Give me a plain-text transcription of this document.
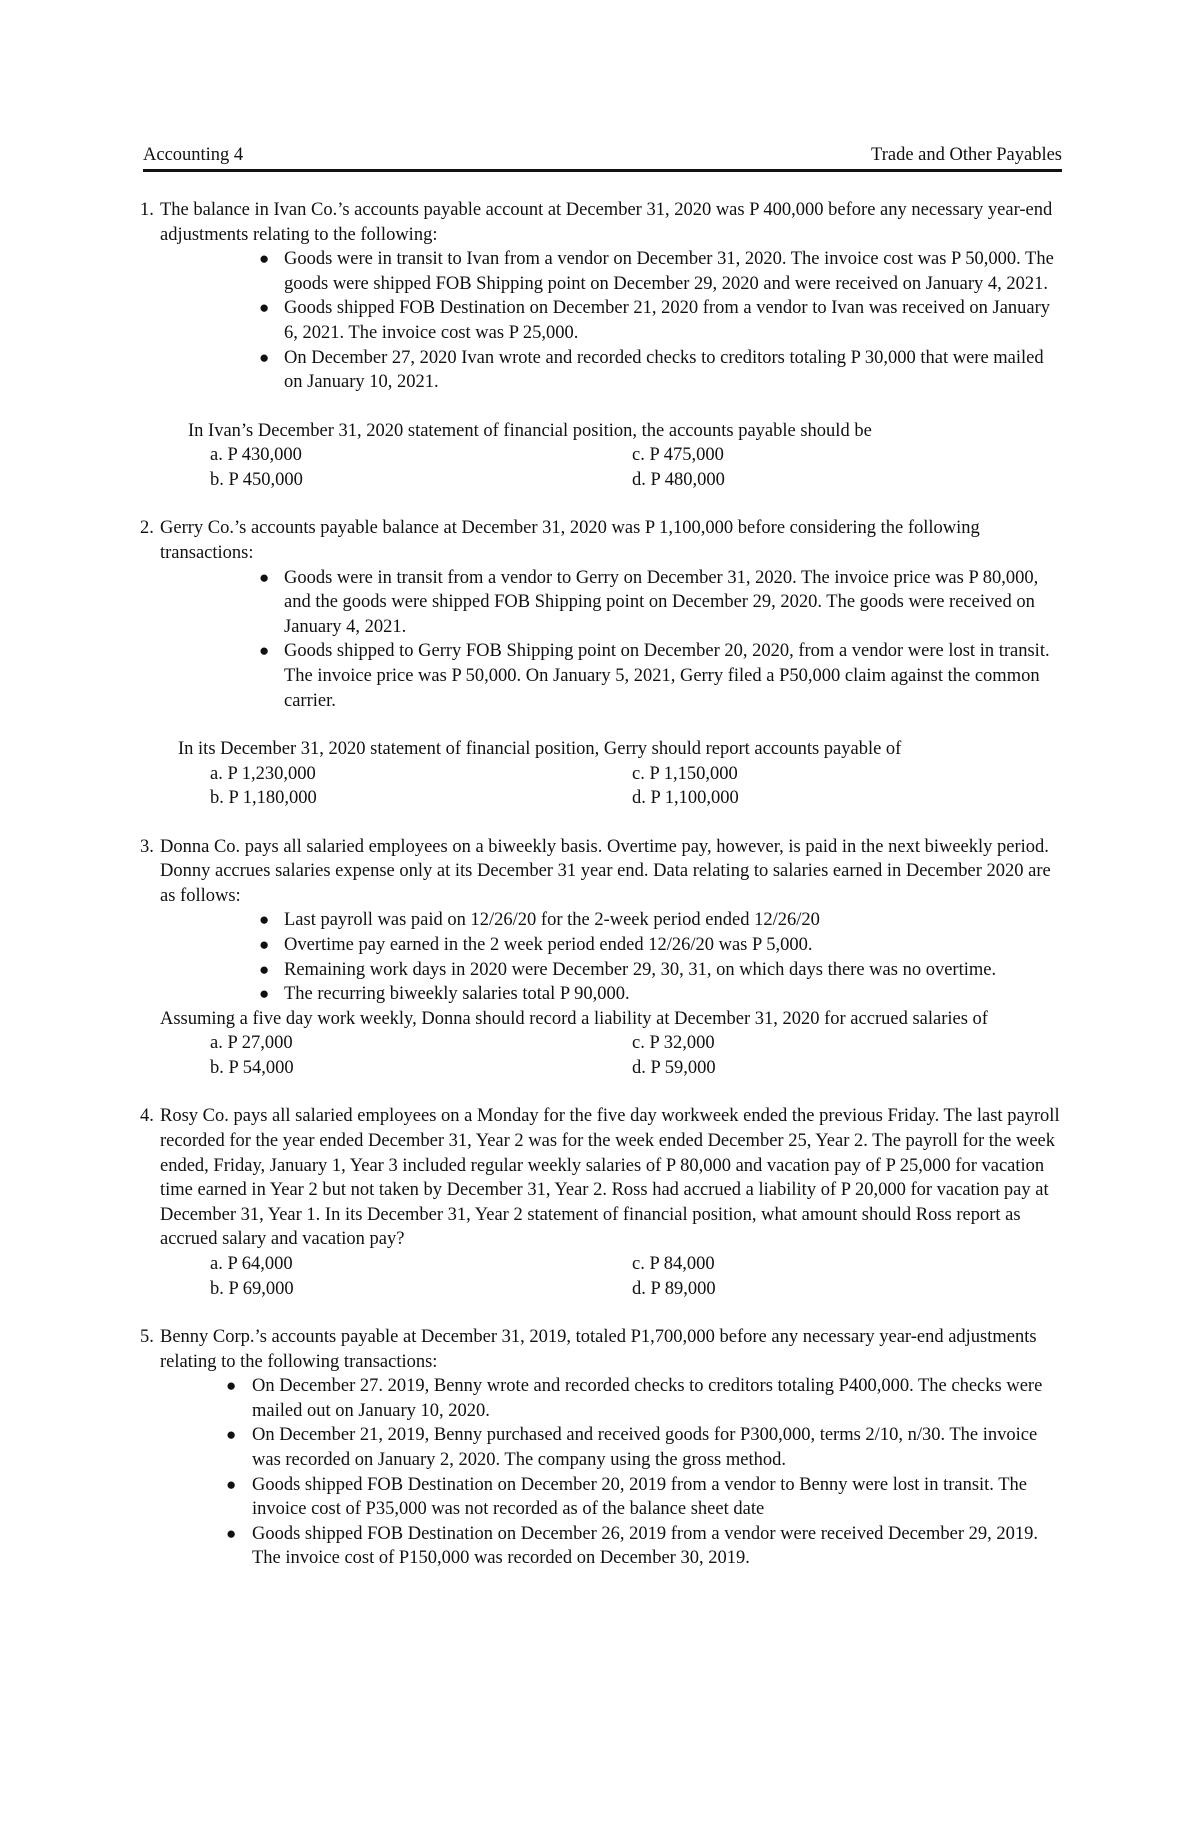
Accounting 4	Trade and Other Payables
1. The balance in Ivan Co.’s accounts payable account at December 31, 2020 was P 400,000 before any necessary year-end adjustments relating to the following:
● Goods were in transit to Ivan from a vendor on December 31, 2020. The invoice cost was P 50,000. The goods were shipped FOB Shipping point on December 29, 2020 and were received on January 4, 2021.
● Goods shipped FOB Destination on December 21, 2020 from a vendor to Ivan was received on January 6, 2021. The invoice cost was P 25,000.
● On December 27, 2020 Ivan wrote and recorded checks to creditors totaling P 30,000 that were mailed on January 10, 2021.
In Ivan’s December 31, 2020 statement of financial position, the accounts payable should be
a. P 430,000	c. P 475,000
b. P 450,000	d. P 480,000
2. Gerry Co.’s accounts payable balance at December 31, 2020 was P 1,100,000 before considering the following transactions:
● Goods were in transit from a vendor to Gerry on December 31, 2020. The invoice price was P 80,000, and the goods were shipped FOB Shipping point on December 29, 2020. The goods were received on January 4, 2021.
● Goods shipped to Gerry FOB Shipping point on December 20, 2020, from a vendor were lost in transit. The invoice price was P 50,000. On January 5, 2021, Gerry filed a P50,000 claim against the common carrier.
In its December 31, 2020 statement of financial position, Gerry should report accounts payable of
a. P 1,230,000	c. P 1,150,000
b. P 1,180,000	d. P 1,100,000
3. Donna Co. pays all salaried employees on a biweekly basis. Overtime pay, however, is paid in the next biweekly period. Donny accrues salaries expense only at its December 31 year end. Data relating to salaries earned in December 2020 are as follows:
● Last payroll was paid on 12/26/20 for the 2-week period ended 12/26/20
● Overtime pay earned in the 2 week period ended 12/26/20 was P 5,000.
● Remaining work days in 2020 were December 29, 30, 31, on which days there was no overtime.
● The recurring biweekly salaries total P 90,000.
Assuming a five day work weekly, Donna should record a liability at December 31, 2020 for accrued salaries of
a. P 27,000	c. P 32,000
b. P 54,000	d. P 59,000
4. Rosy Co. pays all salaried employees on a Monday for the five day workweek ended the previous Friday. The last payroll recorded for the year ended December 31, Year 2 was for the week ended December 25, Year 2. The payroll for the week ended, Friday, January 1, Year 3 included regular weekly salaries of P 80,000 and vacation pay of P 25,000 for vacation time earned in Year 2 but not taken by December 31, Year 2. Ross had accrued a liability of P 20,000 for vacation pay at December 31, Year 1. In its December 31, Year 2 statement of financial position, what amount should Ross report as accrued salary and vacation pay?
a. P 64,000	c. P 84,000
b. P 69,000	d. P 89,000
5. Benny Corp.’s accounts payable at December 31, 2019, totaled P1,700,000 before any necessary year-end adjustments relating to the following transactions:
● On December 27. 2019, Benny wrote and recorded checks to creditors totaling P400,000. The checks were mailed out on January 10, 2020.
● On December 21, 2019, Benny purchased and received goods for P300,000, terms 2/10, n/30. The invoice was recorded on January 2, 2020. The company using the gross method.
● Goods shipped FOB Destination on December 20, 2019 from a vendor to Benny were lost in transit. The invoice cost of P35,000 was not recorded as of the balance sheet date
● Goods shipped FOB Destination on December 26, 2019 from a vendor were received December 29, 2019. The invoice cost of P150,000 was recorded on December 30, 2019.
